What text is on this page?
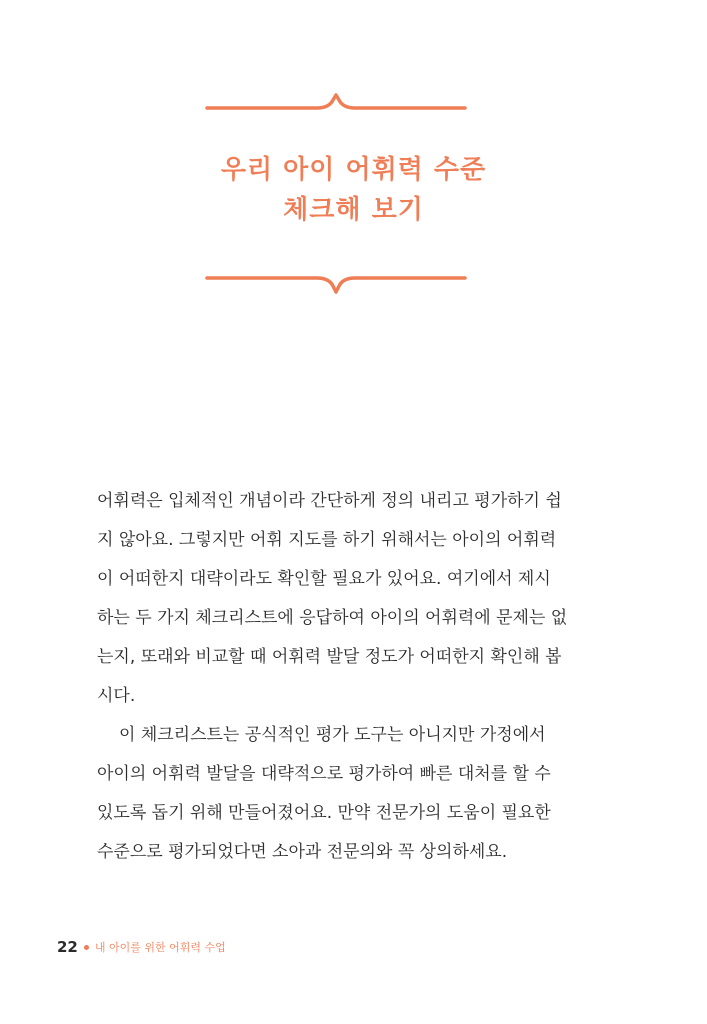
우리 아이 어휘력 수준

체크해 보기

어휘력은 입체적인 개념이라 간단하게 정의 내리고 평가하기 쉽
지 않아요. 그렇지만 어휘 지도를 하기 위해서는 아이의 어휘력
이 어떠한지 대략이라도 확인할 필요가 있어요. 여기에서 제시
하는 두 가지 체크리스트에 응답하여 아이의 어휘력에 문제는 없
는지, 또래와 비교할 때 어휘력 발달 정도가 어떠한지 확인해 봅
시다.

이 체크리스트는 공식적인 평가 도구는 아니지만 가정에서
아이의 어휘력 발달을 대략적으로 평가하여 빠른 대처를 할 수
있도록 돕기 위해 만들어졌어요. 만약 전문가의 도움이 필요한
수준으로 평가되었다면 소아과 전문의와 꼭 상의하세요.

22 내 아이를 위한 어휘력 수업
